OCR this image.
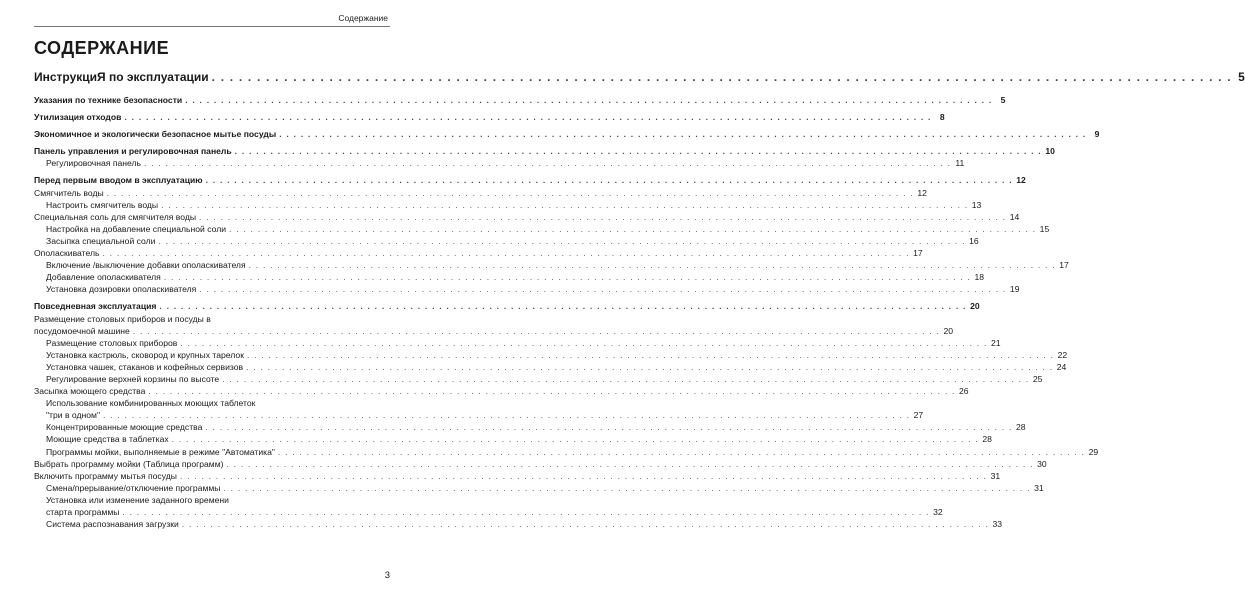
Содержание
СОДЕРЖАНИЕ
ИнструкциЯ по эксплуатации . . .	5
Указания по технике безопасности . . .	5
Утилизация отходов . . .	8
Экономичное и экологически безопасное мытье посуды . . .	9
Панель управления и регулировочная панель . . .	10
Регулировочная панель . . .	11
Перед первым вводом в эксплуатацию . . .	12
Смягчитель воды . . .	12
Настроить смягчитель воды . . .	13
Специальная соль для смягчителя воды . . .	14
Настройка на добавление специальной соли . . .	15
Засыпка специальной соли . . .	16
Ополаскиватель . . .	17
Включение /выключение добавки ополаскивателя . . .	17
Добавление ополаскивателя . . .	18
Установка дозировки ополаскивателя . . .	19
Повседневная эксплуатация . . .	20
Размещение столовых приборов и посуды в
посудомоечной машине . . .	20
Размещение столовых приборов . . .	21
Установка кастрюль, сковород и крупных тарелок . . .	22
Установка чашек, стаканов и кофейных сервизов . . .	24
Регулирование верхней корзины по высоте . . .	25
Засыпка моющего средства . . .	26
Использование комбинированных моющих таблеток
"три в одном" . . .	27
Концентрированные моющие средства . . .	28
Моющие средства в таблетках . . .	28
Программы мойки, выполняемые в режиме "Автоматика" . . .	29
Выбрать программу мойки (Таблица программ) . . .	30
Включить программу мытья посуды . . .	31
Смена/прерывание/отключение программы . . .	31
Установка или изменение заданного времени
старта программы . . .	32
Система распознавания загрузки . . .	33
3
